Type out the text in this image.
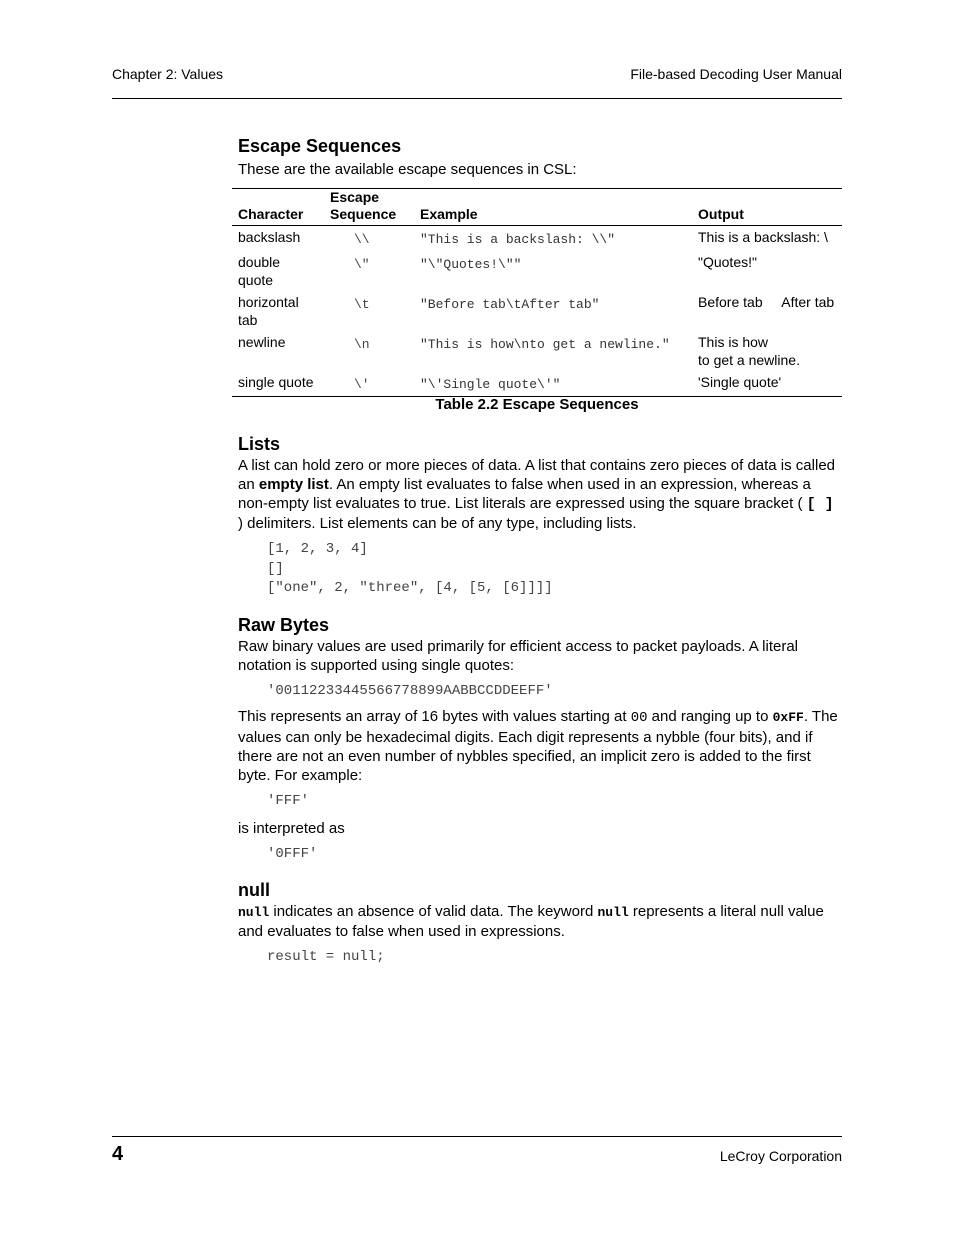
Chapter 2: Values	File-based Decoding User Manual
Escape Sequences

These are the available escape sequences in CSL:

Character	Escape Sequence	Example	Output
backslash	\\	"This is a backslash: \\"	This is a backslash: \
double quote	\"	"\"Quotes!\""	"Quotes!"
horizontal tab	\t	"Before tab\tAfter tab"	Before tab     After tab
newline	\n	"This is how\nto get a newline."	This is how
to get a newline.
single quote	\'	"\'Single quote\'"	'Single quote'
Table 2.2 Escape Sequences
Lists

A list can hold zero or more pieces of data. A list that contains zero pieces of data is called an empty list. An empty list evaluates to false when used in an expression, whereas a non-empty list evaluates to true. List literals are expressed using the square bracket ( [ ] ) delimiters. List elements can be of any type, including lists.

[1, 2, 3, 4]
[]
["one", 2, "three", [4, [5, [6]]]]
Raw Bytes

Raw binary values are used primarily for efficient access to packet payloads. A literal notation is supported using single quotes:

'00112233445566778899AABBCCDDEEFF'

This represents an array of 16 bytes with values starting at 00 and ranging up to 0xFF. The values can only be hexadecimal digits. Each digit represents a nybble (four bits), and if there are not an even number of nybbles specified, an implicit zero is added to the first byte. For example:

'FFF'

is interpreted as

'0FFF'
null

null indicates an absence of valid data. The keyword null represents a literal null value and evaluates to false when used in expressions.

result = null;
4	LeCroy Corporation
